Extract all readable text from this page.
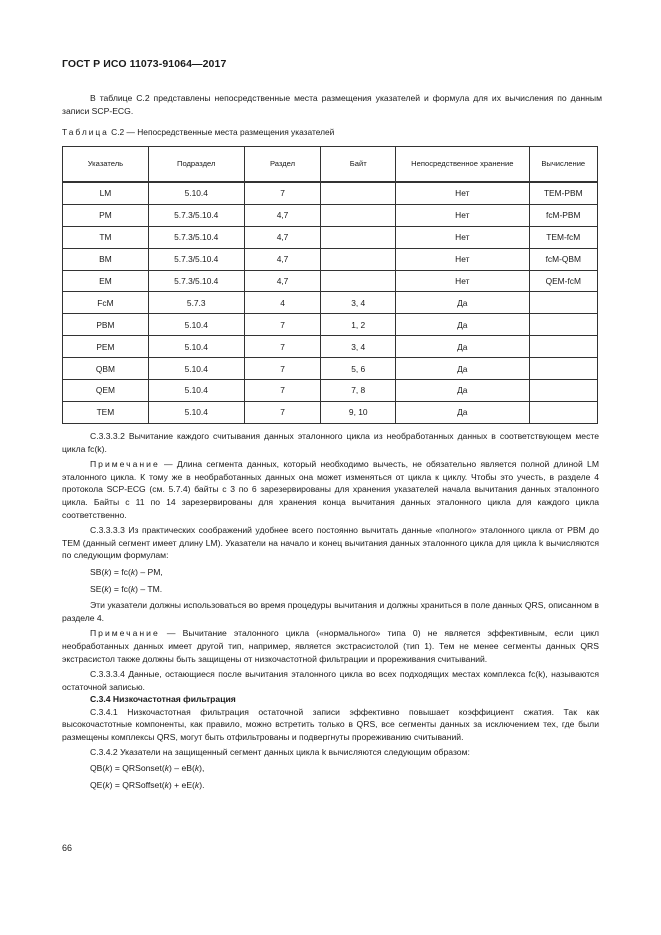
ГОСТ Р ИСО 11073-91064—2017

В таблице С.2 представлены непосредственные места размещения указателей и формула для их вычисления по данным записи SCP-ECG.

Таблица С.2 — Непосредственные места размещения указателей
Указатель	Подраздел	Раздел	Байт	Непосредственное хранение	Вычисление
LM	5.10.4	7		Нет	TEM-PBM
PM	5.7.3/5.10.4	4,7		Нет	fcM-PBM
TM	5.7.3/5.10.4	4,7		Нет	TEM-fcM
BM	5.7.3/5.10.4	4,7		Нет	fcM-QBM
EM	5.7.3/5.10.4	4,7		Нет	QEM-fcM
FcM	5.7.3	4	3, 4	Да	
PBM	5.10.4	7	1, 2	Да	
PEM	5.10.4	7	3, 4	Да	
QBM	5.10.4	7	5, 6	Да	
QEM	5.10.4	7	7, 8	Да	
TEM	5.10.4	7	9, 10	Да	

С.3.3.3.2 Вычитание каждого считывания данных эталонного цикла из необработанных данных в соответствующем месте цикла fc(k).

Примечание — Длина сегмента данных, который необходимо вычесть, не обязательно является полной длиной LM эталонного цикла. К тому же в необработанных данных она может изменяться от цикла к циклу. Чтобы это учесть, в разделе 4 протокола SCP-ECG (см. 5.7.4) байты с 3 по 6 зарезервированы для хранения указателей начала вычитания данных эталонного цикла. Байты с 11 по 14 зарезервированы для хранения конца вычитания данных эталонного цикла для каждого цикла соответственно.

С.3.3.3.3 Из практических соображений удобнее всего постоянно вычитать данные «полного» эталонного цикла от PBM до TEM (данный сегмент имеет длину LM). Указатели на начало и конец вычитания данных эталонного цикла для цикла k вычисляются по следующим формулам:

SB(k) = fc(k) – PM,

SE(k) = fc(k) – TM.

Эти указатели должны использоваться во время процедуры вычитания и должны храниться в поле данных QRS, описанном в разделе 4.

Примечание — Вычитание эталонного цикла («нормального» типа 0) не является эффективным, если цикл необработанных данных имеет другой тип, например, является экстрасистолой (тип 1). Тем не менее сегменты данных QRS экстрасистол также должны быть защищены от низкочастотной фильтрации и прореживания считываний.

С.3.3.3.4 Данные, остающиеся после вычитания эталонного цикла во всех подходящих местах комплекса fc(k), называются остаточной записью.

С.3.4 Низкочастотная фильтрация

С.3.4.1 Низкочастотная фильтрация остаточной записи эффективно повышает коэффициент сжатия. Так как высокочастотные компоненты, как правило, можно встретить только в QRS, все сегменты данных за исключением тех, где были размещены комплексы QRS, могут быть отфильтрованы и подвергнуты прореживанию считываний.

С.3.4.2 Указатели на защищенный сегмент данных цикла k вычисляются следующим образом:

QB(k) = QRSonset(k) – eB(k),

QE(k) = QRSoffset(k) + eE(k).

66
